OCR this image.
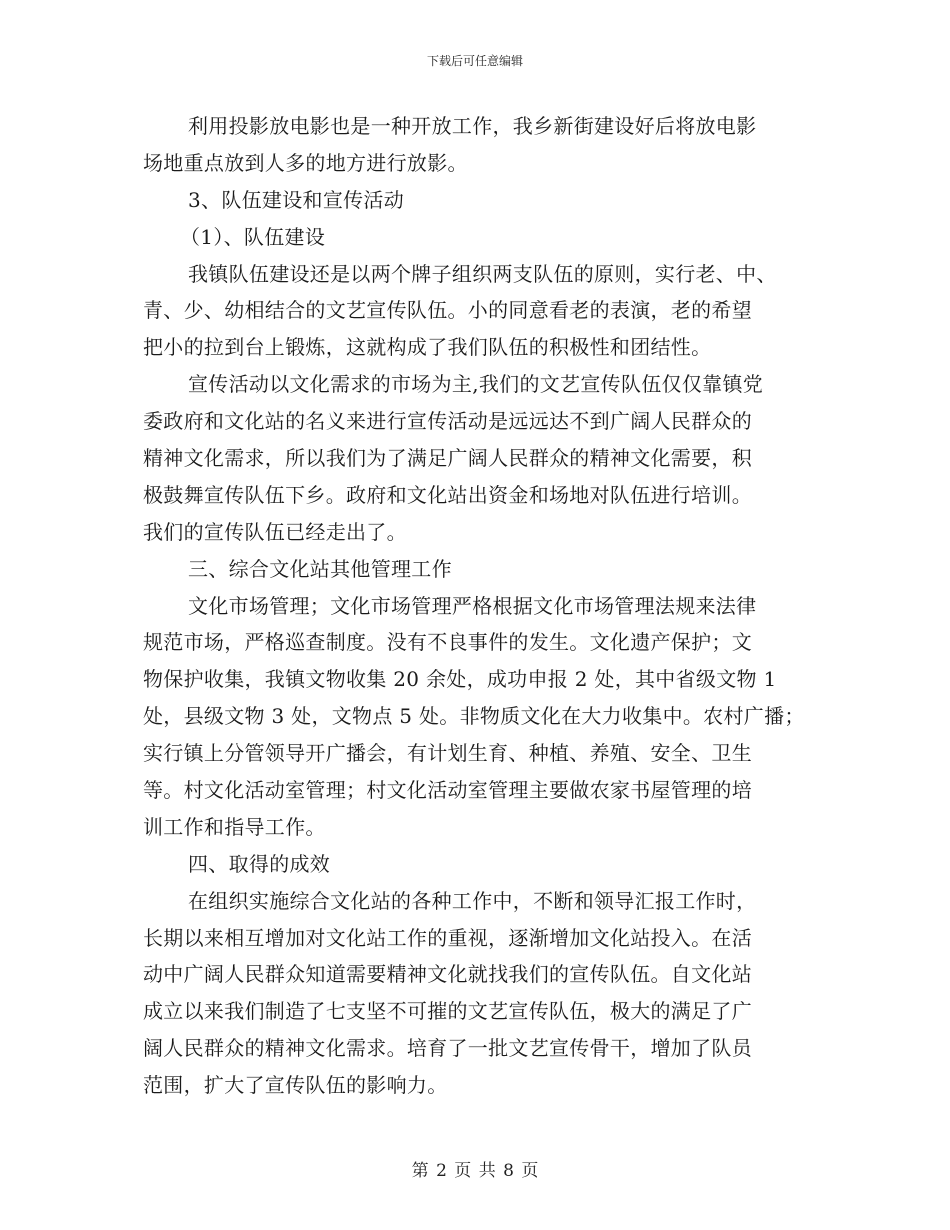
下载后可任意编辑
利用投影放电影也是一种开放工作，我乡新街建设好后将放电影
场地重点放到人多的地方进行放影。
3、队伍建设和宣传活动
（1）、队伍建设
我镇队伍建设还是以两个牌子组织两支队伍的原则，实行老、中、
青、少、幼相结合的文艺宣传队伍。小的同意看老的表演，老的希望
把小的拉到台上锻炼，这就构成了我们队伍的积极性和团结性。
宣传活动以文化需求的市场为主,我们的文艺宣传队伍仅仅靠镇党
委政府和文化站的名义来进行宣传活动是远远达不到广阔人民群众的
精神文化需求，所以我们为了满足广阔人民群众的精神文化需要，积
极鼓舞宣传队伍下乡。政府和文化站出资金和场地对队伍进行培训。
我们的宣传队伍已经走出了。
三、综合文化站其他管理工作
文化市场管理；文化市场管理严格根据文化市场管理法规来法律
规范市场，严格巡查制度。没有不良事件的发生。文化遗产保护；文
物保护收集，我镇文物收集 20 余处，成功申报 2 处，其中省级文物 1
处，县级文物 3 处，文物点 5 处。非物质文化在大力收集中。农村广播；
实行镇上分管领导开广播会，有计划生育、种植、养殖、安全、卫生
等。村文化活动室管理；村文化活动室管理主要做农家书屋管理的培
训工作和指导工作。
四、取得的成效
在组织实施综合文化站的各种工作中，不断和领导汇报工作时，
长期以来相互增加对文化站工作的重视，逐渐增加文化站投入。在活
动中广阔人民群众知道需要精神文化就找我们的宣传队伍。自文化站
成立以来我们制造了七支坚不可摧的文艺宣传队伍，极大的满足了广
阔人民群众的精神文化需求。培育了一批文艺宣传骨干，增加了队员
范围，扩大了宣传队伍的影响力。
第 2 页 共 8 页
